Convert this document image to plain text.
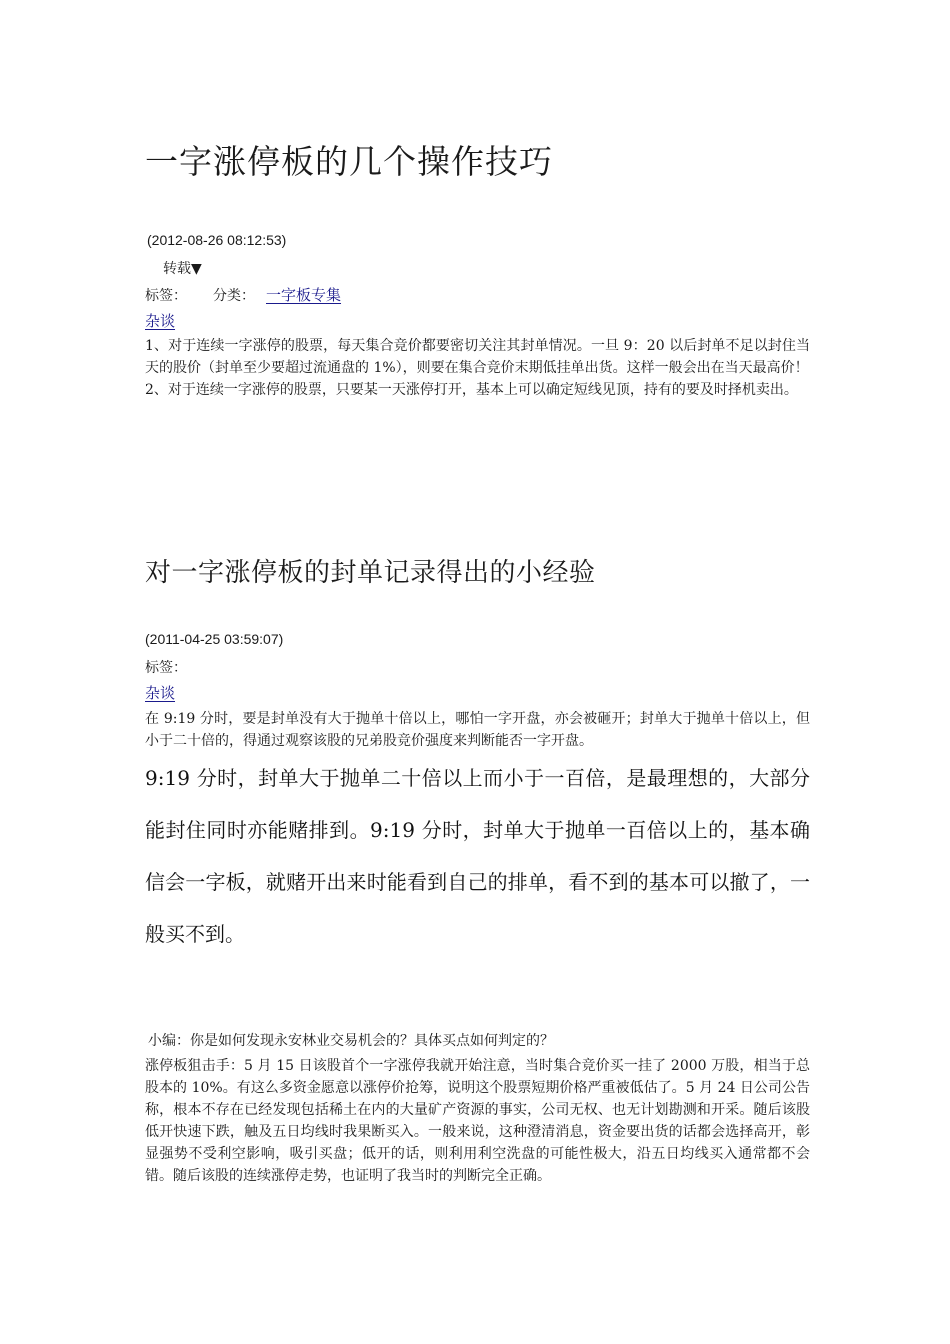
一字涨停板的几个操作技巧
(2012-08-26 08:12:53)
转载▼
标签： 分类： 一字板专集
杂谈

1、对于连续一字涨停的股票，每天集合竞价都要密切关注其封单情况。一旦 9：20 以后封单不足以封住当天的股价（封单至少要超过流通盘的 1%），则要在集合竞价末期低挂单出货。这样一般会出在当天最高价！

2、对于连续一字涨停的股票，只要某一天涨停打开，基本上可以确定短线见顶，持有的要及时择机卖出。

对一字涨停板的封单记录得出的小经验
(2011-04-25 03:59:07)
标签：
杂谈

在 9:19 分时，要是封单没有大于抛单十倍以上，哪怕一字开盘，亦会被砸开；封单大于抛单十倍以上，但小于二十倍的，得通过观察该股的兄弟股竞价强度来判断能否一字开盘。

9:19 分时，封单大于抛单二十倍以上而小于一百倍，是最理想的，大部分能封住同时亦能赌排到。9:19 分时，封单大于抛单一百倍以上的，基本确信会一字板，就赌开出来时能看到自己的排单，看不到的基本可以撤了，一般买不到。

小编：你是如何发现永安林业交易机会的？具体买点如何判定的？

涨停板狙击手：5 月 15 日该股首个一字涨停我就开始注意，当时集合竞价买一挂了 2000 万股，相当于总股本的 10%。有这么多资金愿意以涨停价抢筹，说明这个股票短期价格严重被低估了。5 月 24 日公司公告称，根本不存在已经发现包括稀土在内的大量矿产资源的事实，公司无权、也无计划勘测和开采。随后该股低开快速下跌，触及五日均线时我果断买入。一般来说，这种澄清消息，资金要出货的话都会选择高开，彰显强势不受利空影响，吸引买盘；低开的话，则利用利空洗盘的可能性极大，沿五日均线买入通常都不会错。随后该股的连续涨停走势，也证明了我当时的判断完全正确。
